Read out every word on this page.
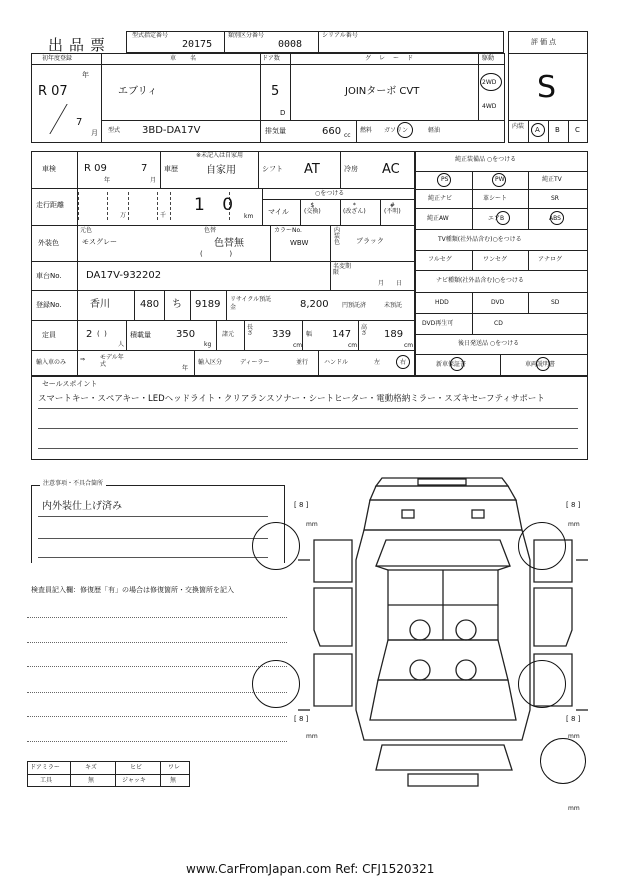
出品票
型式指定番号
20175
類別区分番号
0008
シリアル番号
評価点
S
内装 A B C
初年度登録
R 07
年
7
月
車名
エブリィ
ドア数
5
D
グレード
JOINターボ CVT
駆動
2WD
4WD
型式 3BD-DA17V	排気量	660 cc
燃料 ガソリン	軽油
車検	R 09
年
7
月
車歴
※未記入は自家用
自家用	シフト AT	冷房 AC
走行距離
万	千
1 0
km
○をつける
マイル
$
(交換)
*
(改ざん)
#
(不明)
外装色
元色
モスグレー
色替
色替無
(            )
カラーNo.
WBW
内装色	ブラック
車台No. DA17V-932202
名変期限
月　　日
登録No.	香川	480 ち 9189 リサイクル預託金	8,200 円預託済	未預託
定員	2 (  )
人
積載量	350
kg
諸元
長さ 339
cm
幅 147
cm
高さ 189
cm
輸入車のみ ⇒ モデル年式
年
輸入区分	ディーラー	並行	ハンドル	左	右
純正装備品 ○をつける
PS	PW	純正TV
純正ナビ	革シート	SR
純正AW	エアB	ABS
TV種類(社外品含む)○をつける
フルセグ	ワンセグ	アナログ
ナビ種類(社外品含む)○をつける
HDD	DVD	SD
DVD再生可	CD
後日発送品 ○をつける
新車保証書	車両説明書
セールスポイント
スマートキー・スペアキー・LEDヘッドライト・クリアランスソナー・シートヒーター・電動格納ミラー・スズキセーフティサポート
注意事項・不具合箇所
内外装仕上げ済み
検査員記入欄：修復歴「有」の場合は修復箇所・交換箇所を記入
ドアミラー	キズ	ヒビ	ワレ
工具	無	ジャッキ	無
[ 8 ]
mm
[ 8 ]
mm
[ 8 ]
mm
[ 8 ]
mm
mm
www.CarFromJapan.com Ref: CFJ1520321
